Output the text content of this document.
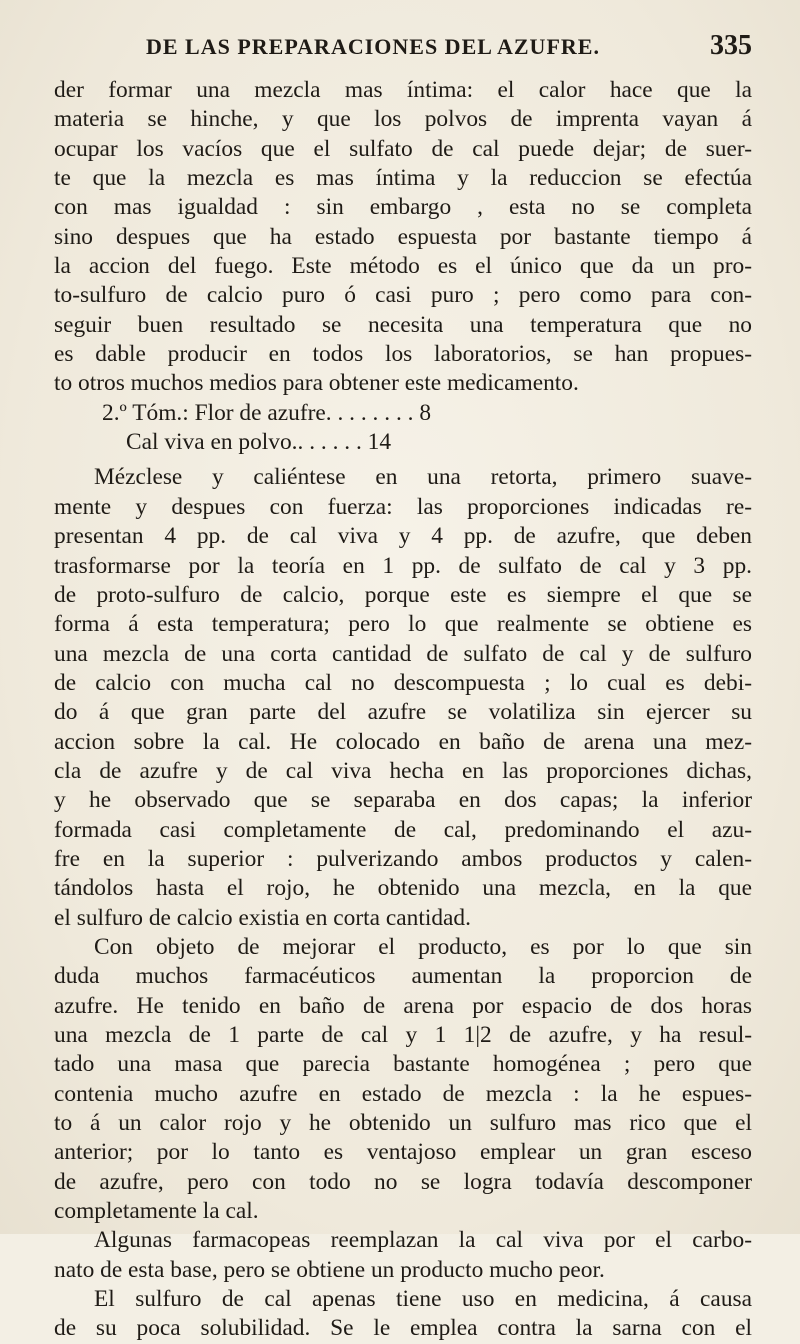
DE LAS PREPARACIONES DEL AZUFRE.	335

der formar una mezcla mas íntima: el calor hace que la
materia se hinche, y que los polvos de imprenta vayan á
ocupar los vacíos que el sulfato de cal puede dejar; de suer-
te que la mezcla es mas íntima y la reduccion se efectúa
con mas igualdad : sin embargo , esta no se completa
sino despues que ha estado espuesta por bastante tiempo á
la accion del fuego. Este método es el único que da un pro-
to-sulfuro de calcio puro ó casi puro ; pero como para con-
seguir buen resultado se necesita una temperatura que no
es dable producir en todos los laboratorios, se han propues-
to otros muchos medios para obtener este medicamento.

2.º Tóm.: Flor de azufre. . . . . . . . 8
Cal viva en polvo.. . . . . . 14

Mézclese y caliéntese en una retorta, primero suave-
mente y despues con fuerza: las proporciones indicadas re-
presentan 4 pp. de cal viva y 4 pp. de azufre, que deben
trasformarse por la teoría en 1 pp. de sulfato de cal y 3 pp.
de proto-sulfuro de calcio, porque este es siempre el que se
forma á esta temperatura; pero lo que realmente se obtiene es
una mezcla de una corta cantidad de sulfato de cal y de sulfuro
de calcio con mucha cal no descompuesta ; lo cual es debi-
do á que gran parte del azufre se volatiliza sin ejercer su
accion sobre la cal. He colocado en baño de arena una mez-
cla de azufre y de cal viva hecha en las proporciones dichas,
y he observado que se separaba en dos capas; la inferior
formada casi completamente de cal, predominando el azu-
fre en la superior : pulverizando ambos productos y calen-
tándolos hasta el rojo, he obtenido una mezcla, en la que
el sulfuro de calcio existia en corta cantidad.

Con objeto de mejorar el producto, es por lo que sin
duda muchos farmacéuticos aumentan la proporcion de
azufre. He tenido en baño de arena por espacio de dos horas
una mezcla de 1 parte de cal y 1 1|2 de azufre, y ha resul-
tado una masa que parecia bastante homogénea ; pero que
contenia mucho azufre en estado de mezcla : la he espues-
to á un calor rojo y he obtenido un sulfuro mas rico que el
anterior; por lo tanto es ventajoso emplear un gran esceso
de azufre, pero con todo no se logra todavía descomponer
completamente la cal.

Algunas farmacopeas reemplazan la cal viva por el carbo-
nato de esta base, pero se obtiene un producto mucho peor.

El sulfuro de cal apenas tiene uso en medicina, á causa
de su poca solubilidad. Se le emplea contra la sarna con el
